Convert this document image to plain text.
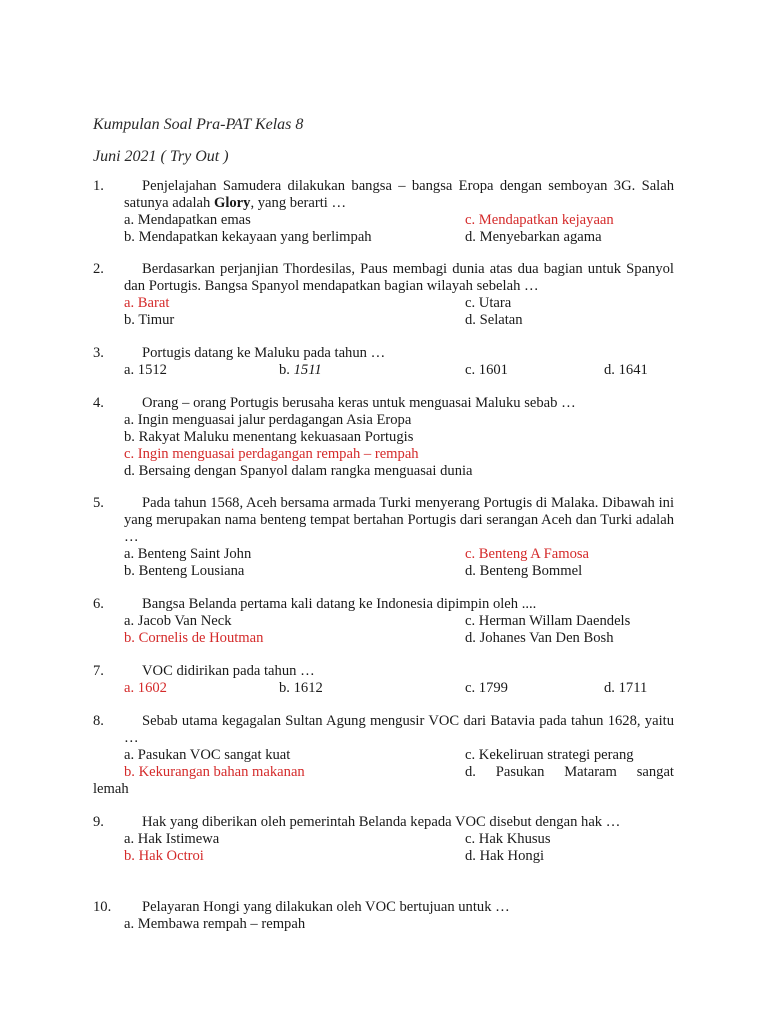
Kumpulan Soal Pra-PAT Kelas 8
Juni 2021 ( Try Out )
1.	Penjelajahan Samudera dilakukan bangsa – bangsa Eropa dengan semboyan 3G. Salah satunya adalah Glory, yang berarti …
a. Mendapatkan emas	c. Mendapatkan kejayaan
b. Mendapatkan kekayaan yang berlimpah	d. Menyebarkan agama
2.	Berdasarkan perjanjian Thordesilas, Paus membagi dunia atas dua bagian untuk Spanyol dan Portugis. Bangsa Spanyol mendapatkan bagian wilayah sebelah …
a. Barat	c. Utara
b. Timur	d. Selatan
3.	Portugis datang ke Maluku pada tahun …
a. 1512	b. 1511	c. 1601	d. 1641
4.	Orang – orang Portugis berusaha keras untuk menguasai Maluku sebab …
a. Ingin menguasai jalur perdagangan Asia Eropa
b. Rakyat Maluku menentang kekuasaan Portugis
c. Ingin menguasai perdagangan rempah – rempah
d. Bersaing dengan Spanyol dalam rangka menguasai dunia
5.	Pada tahun 1568, Aceh bersama armada Turki menyerang Portugis di Malaka. Dibawah ini yang merupakan nama benteng tempat bertahan Portugis dari serangan Aceh dan Turki adalah …
a. Benteng Saint John	c. Benteng A Famosa
b. Benteng Lousiana	d. Benteng Bommel
6.	Bangsa Belanda pertama kali datang ke Indonesia dipimpin oleh ....
a. Jacob Van Neck	c. Herman Willam Daendels
b. Cornelis de Houtman	d. Johanes Van Den Bosh
7.	VOC didirikan pada tahun …
a. 1602	b. 1612	c. 1799	d. 1711
8.	Sebab utama kegagalan Sultan Agung mengusir VOC dari Batavia pada tahun 1628, yaitu …
a. Pasukan VOC sangat kuat	c. Kekeliruan strategi perang
b. Kekurangan bahan makanan	d. Pasukan Mataram sangat
lemah
9.	Hak yang diberikan oleh pemerintah Belanda kepada VOC disebut dengan hak …
a. Hak Istimewa	c. Hak Khusus
b. Hak Octroi	d. Hak Hongi
10.	Pelayaran Hongi yang dilakukan oleh VOC bertujuan untuk …
a. Membawa rempah – rempah
